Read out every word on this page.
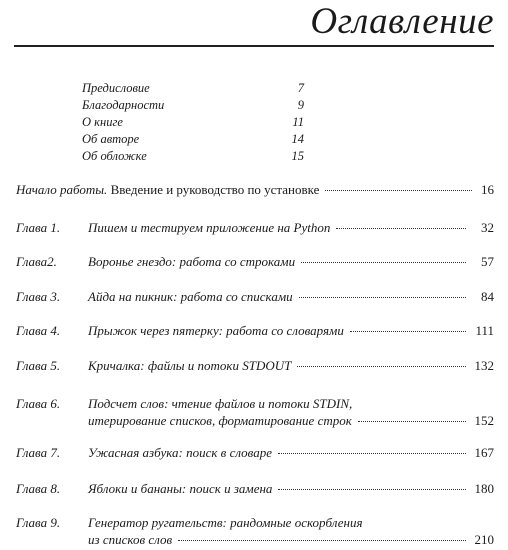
Оглавление
Предисловие	7
Благодарности	9
О книге	11
Об авторе	14
Об обложке	15
Начало работы. Введение и руководство по установке	16
Глава 1. Пишем и тестируем приложение на Python	32
Глава2. Воронье гнездо: работа со строками	57
Глава 3. Айда на пикник: работа со списками	84
Глава 4. Прыжок через пятерку: работа со словарями	111
Глава 5. Кричалка: файлы и потоки STDOUT	132
Глава 6. Подсчет слов: чтение файлов и потоки STDIN,
итерирование списков, форматирование строк	152
Глава 7. Ужасная азбука: поиск в словаре	167
Глава 8. Яблоки и бананы: поиск и замена	180
Глава 9. Генератор ругательств: рандомные оскорбления
из списков слов	210
